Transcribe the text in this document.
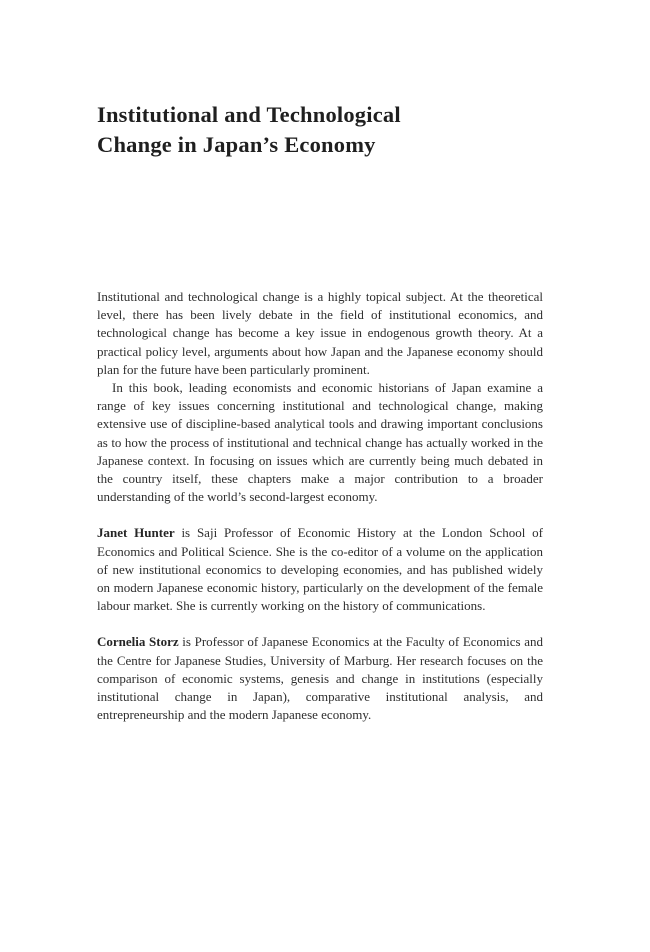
Institutional and Technological
Change in Japan’s Economy

Institutional and technological change is a highly topical subject. At the theoretical level, there has been lively debate in the field of institutional economics, and technological change has become a key issue in endogenous growth theory. At a practical policy level, arguments about how Japan and the Japanese economy should plan for the future have been particularly prominent.

In this book, leading economists and economic historians of Japan examine a range of key issues concerning institutional and technological change, making extensive use of discipline-based analytical tools and drawing important conclusions as to how the process of institutional and technical change has actually worked in the Japanese context. In focusing on issues which are currently being much debated in the country itself, these chapters make a major contribution to a broader understanding of the world’s second-largest economy.

Janet Hunter is Saji Professor of Economic History at the London School of Economics and Political Science. She is the co-editor of a volume on the application of new institutional economics to developing economies, and has published widely on modern Japanese economic history, particularly on the development of the female labour market. She is currently working on the history of communications.

Cornelia Storz is Professor of Japanese Economics at the Faculty of Economics and the Centre for Japanese Studies, University of Marburg. Her research focuses on the comparison of economic systems, genesis and change in institutions (especially institutional change in Japan), comparative institutional analysis, and entrepreneurship and the modern Japanese economy.
